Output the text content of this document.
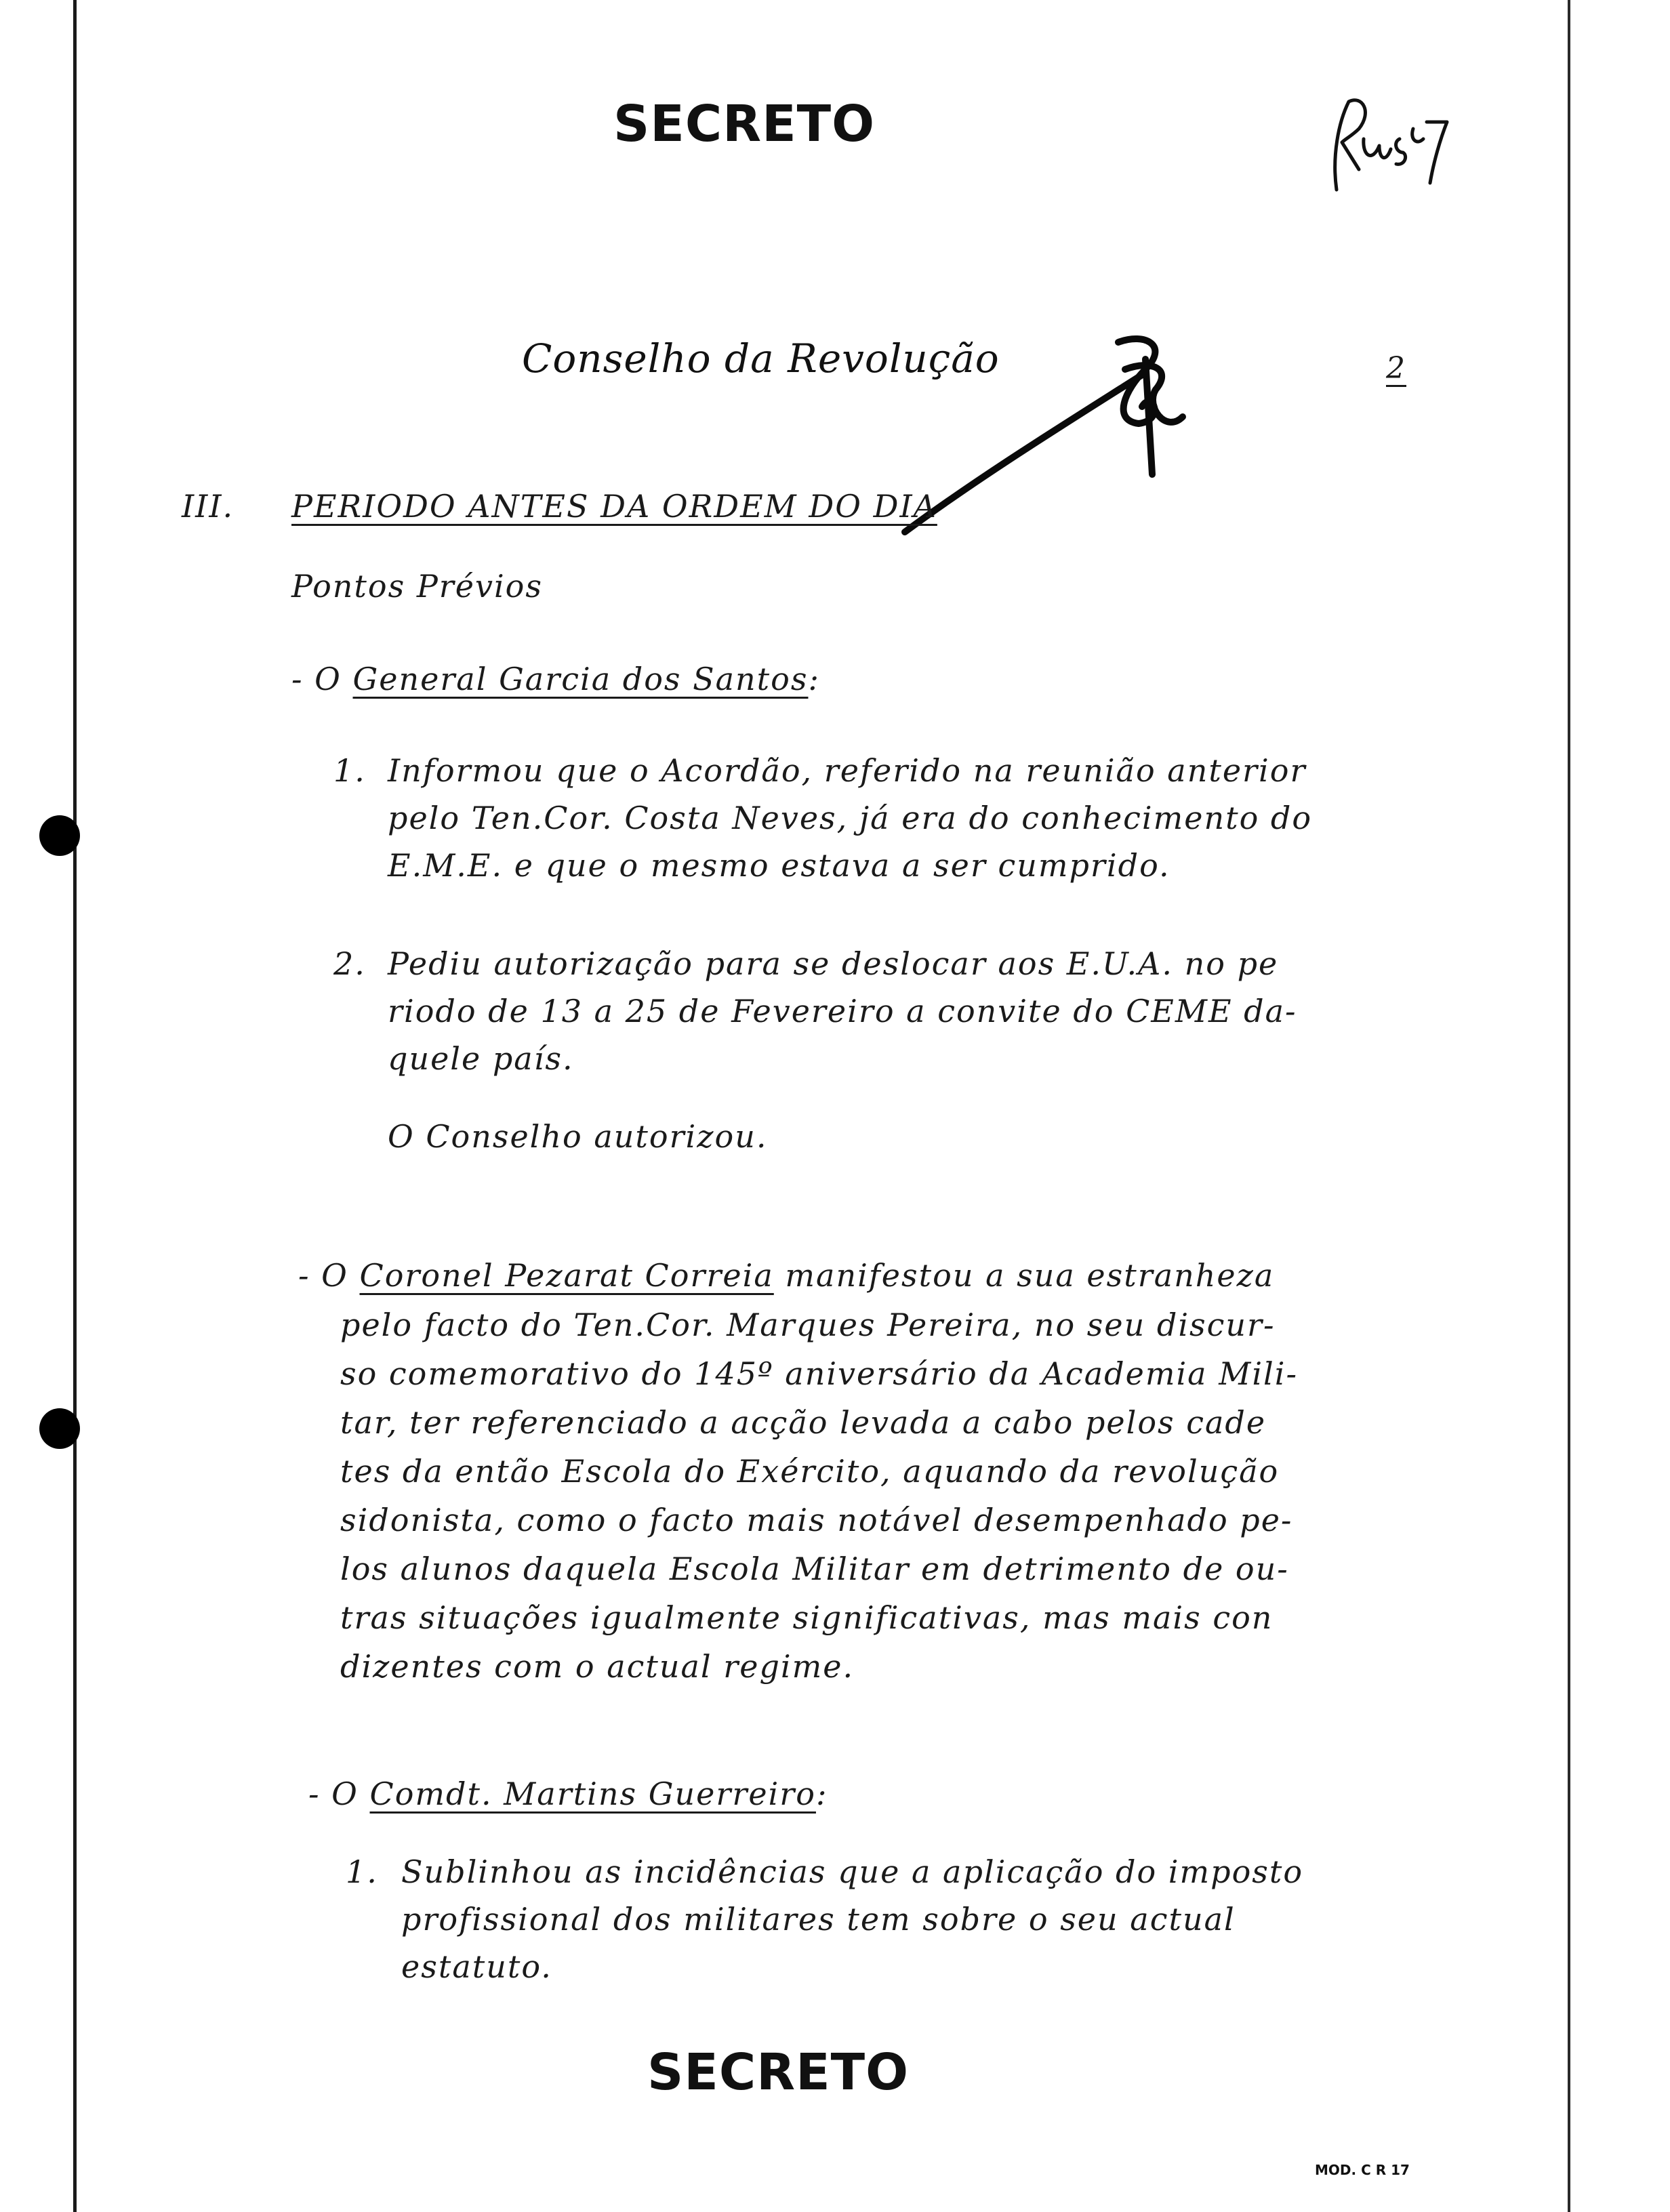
SECRETO
Conselho da Revolução	2
III. PERIODO ANTES DA ORDEM DO DIA
Pontos Prévios
- O General Garcia dos Santos:
1. Informou que o Acordão, referido na reunião anterior
pelo Ten.Cor. Costa Neves, já era do conhecimento do
E.M.E. e que o mesmo estava a ser cumprido.
2. Pediu autorização para se deslocar aos E.U.A. no pe
riodo de 13 a 25 de Fevereiro a convite do CEME da-
quele país.
O Conselho autorizou.
- O Coronel Pezarat Correia manifestou a sua estranheza
pelo facto do Ten.Cor. Marques Pereira, no seu discur-
so comemorativo do 145º aniversário da Academia Mili-
tar, ter referenciado a acção levada a cabo pelos cade
tes da então Escola do Exército, aquando da revolução
sidonista, como o facto mais notável desempenhado pe-
los alunos daquela Escola Militar em detrimento de ou-
tras situações igualmente significativas, mas mais con
dizentes com o actual regime.
- O Comdt. Martins Guerreiro:
1. Sublinhou as incidências que a aplicação do imposto
profissional dos militares tem sobre o seu actual
estatuto.
SECRETO
MOD. C R 17
